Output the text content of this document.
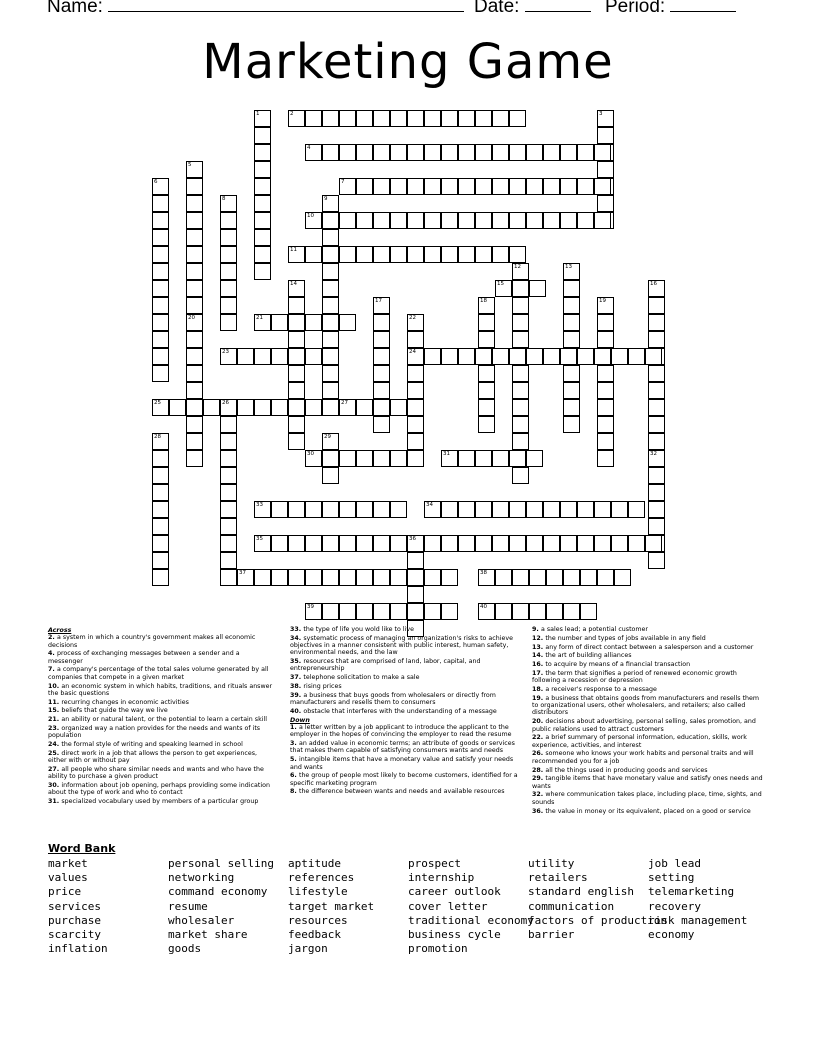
Name:	Date:	Period:
Marketing Game
1	2	3
4
5
20
6	7
8	9
10
11
12	13
14	15	16
32
17	18	19
21	22
24
23
25	26	27
28	29
30	31
33	34
35	36
37	38
39	40
Across
2. a system in which a country's government makes all economic decisions
4. process of exchanging messages between a sender and a messenger
7. a company's percentage of the total sales volume generated by all companies that compete in a given market
10. an economic system in which habits, traditions, and rituals answer the basic questions
11. recurring changes in economic activities
15. beliefs that guide the way we live
21. an ability or natural talent, or the potential to learn a certain skill
23. organized way a nation provides for the needs and wants of its population
24. the formal style of writing and speaking learned in school
25. direct work in a job that allows the person to get experiences, either with or without pay
27. all people who share similar needs and wants and who have the ability to purchase a given product
30. information about job opening, perhaps providing some indication about the type of work and who to contact
31. specialized vocabulary used by members of a particular group
33. the type of life you wold like to live
34. systematic process of managing an organization's risks to achieve objectives in a manner consistent with public interest, human safety, environmental needs, and the law
35. resources that are comprised of land, labor, capital, and entrepreneurship
37. telephone solicitation to make a sale
38. rising prices
39. a business that buys goods from wholesalers or directly from manufacturers and resells them to consumers
40. obstacle that interferes with the understanding of a message
Down
1. a letter written by a job applicant to introduce the applicant to the employer in the hopes of convincing the employer to read the resume
3. an added value in economic terms; an attribute of goods or services that makes them capable of satisfying consumers wants and needs
5. intangible items that have a monetary value and satisfy your needs and wants
6. the group of people most likely to become customers, identified for a specific marketing program
8. the difference between wants and needs and available resources
9. a sales lead; a potential customer
12. the number and types of jobs available in any field
13. any form of direct contact between a salesperson and a customer
14. the art of building alliances
16. to acquire by means of a financial transaction
17. the term that signifies a period of renewed economic growth following a recession or depression
18. a receiver's response to a message
19. a business that obtains goods from manufacturers and resells them to organizational users, other wholesalers, and retailers; also called distributors
20. decisions about advertising, personal selling, sales promotion, and public relations used to attract customers
22. a brief summary of personal information, education, skills, work experience, activities, and interest
26. someone who knows your work habits and personal traits and will recommended you for a job
28. all the things used in producing goods and services
29. tangible items that have monetary value and satisfy ones needs and wants
32. where communication takes place, including place, time, sights, and sounds
36. the value in money or its equivalent, placed on a good or service
Word Bank
market
values
price
services
purchase
scarcity
inflation
personal selling
networking
command economy
resume
wholesaler
market share
goods
aptitude
references
lifestyle
target market
resources
feedback
jargon
prospect
internship
career outlook
cover letter
traditional economy
business cycle
promotion
utility
retailers
standard english
communication
factors of production
barrier
job lead
setting
telemarketing
recovery
risk management
economy
